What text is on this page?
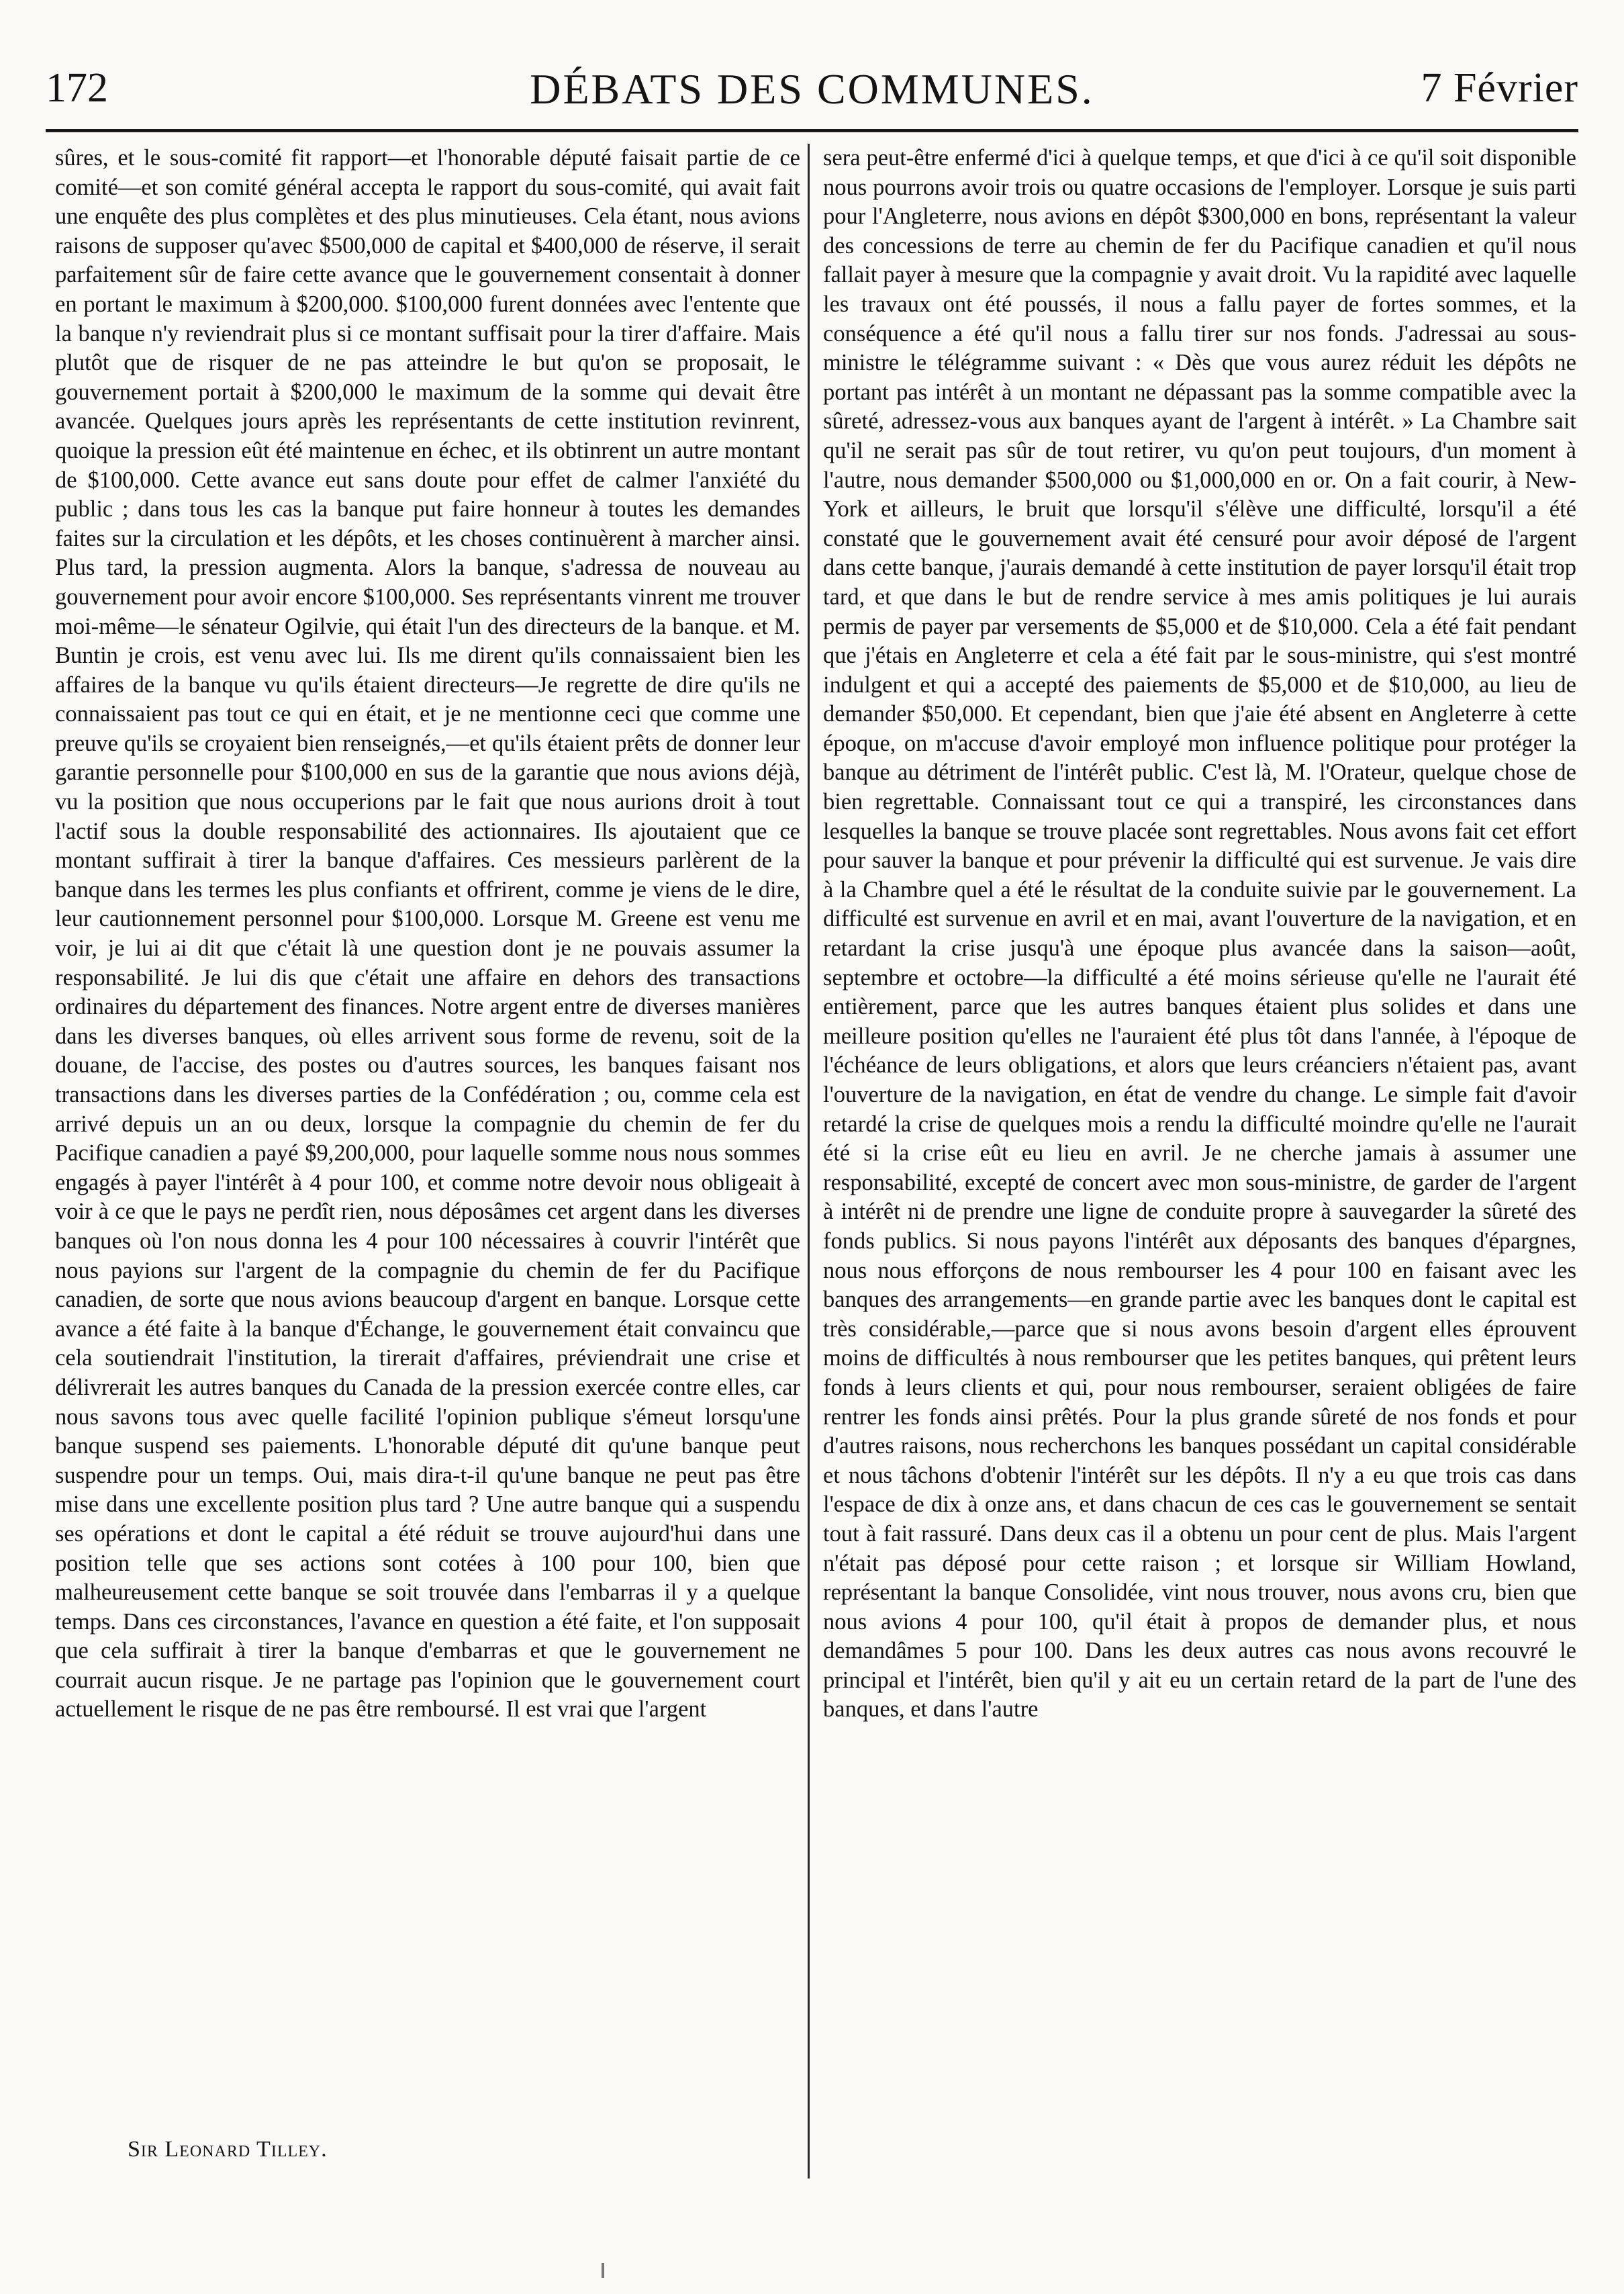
172	DÉBATS DES COMMUNES.	7 Février

sûres, et le sous-comité fit rapport—et l'honorable député faisait partie de ce comité—et son comité général accepta le rapport du sous-comité, qui avait fait une enquête des plus complètes et des plus minutieuses. Cela étant, nous avions raisons de supposer qu'avec $500,000 de capital et $400,000 de réserve, il serait parfaitement sûr de faire cette avance que le gouvernement consentait à donner en portant le maximum à $200,000. $100,000 furent données avec l'entente que la banque n'y reviendrait plus si ce montant suffisait pour la tirer d'affaire. Mais plutôt que de risquer de ne pas atteindre le but qu'on se proposait, le gouvernement portait à $200,000 le maximum de la somme qui devait être avancée. Quelques jours après les représentants de cette institution revinrent, quoique la pression eût été maintenue en échec, et ils obtinrent un autre montant de $100,000. Cette avance eut sans doute pour effet de calmer l'anxiété du public ; dans tous les cas la banque put faire honneur à toutes les demandes faites sur la circulation et les dépôts, et les choses continuèrent à marcher ainsi. Plus tard, la pression augmenta. Alors la banque, s'adressa de nouveau au gouvernement pour avoir encore $100,000. Ses représentants vinrent me trouver moi-même—le sénateur Ogilvie, qui était l'un des directeurs de la banque. et M. Buntin je crois, est venu avec lui. Ils me dirent qu'ils connaissaient bien les affaires de la banque vu qu'ils étaient directeurs—Je regrette de dire qu'ils ne connaissaient pas tout ce qui en était, et je ne mentionne ceci que comme une preuve qu'ils se croyaient bien renseignés,—et qu'ils étaient prêts de donner leur garantie personnelle pour $100,000 en sus de la garantie que nous avions déjà, vu la position que nous occuperions par le fait que nous aurions droit à tout l'actif sous la double responsabilité des actionnaires. Ils ajoutaient que ce montant suffirait à tirer la banque d'affaires. Ces messieurs parlèrent de la banque dans les termes les plus confiants et offrirent, comme je viens de le dire, leur cautionnement personnel pour $100,000. Lorsque M. Greene est venu me voir, je lui ai dit que c'était là une question dont je ne pouvais assumer la responsabilité. Je lui dis que c'était une affaire en dehors des transactions ordinaires du département des finances. Notre argent entre de diverses manières dans les diverses banques, où elles arrivent sous forme de revenu, soit de la douane, de l'accise, des postes ou d'autres sources, les banques faisant nos transactions dans les diverses parties de la Confédération ; ou, comme cela est arrivé depuis un an ou deux, lorsque la compagnie du chemin de fer du Pacifique canadien a payé $9,200,000, pour laquelle somme nous nous sommes engagés à payer l'intérêt à 4 pour 100, et comme notre devoir nous obligeait à voir à ce que le pays ne perdît rien, nous déposâmes cet argent dans les diverses banques où l'on nous donna les 4 pour 100 nécessaires à couvrir l'intérêt que nous payions sur l'argent de la compagnie du chemin de fer du Pacifique canadien, de sorte que nous avions beaucoup d'argent en banque. Lorsque cette avance a été faite à la banque d'Échange, le gouvernement était convaincu que cela soutiendrait l'institution, la tirerait d'affaires, préviendrait une crise et délivrerait les autres banques du Canada de la pression exercée contre elles, car nous savons tous avec quelle facilité l'opinion publique s'émeut lorsqu'une banque suspend ses paiements. L'honorable député dit qu'une banque peut suspendre pour un temps. Oui, mais dira-t-il qu'une banque ne peut pas être mise dans une excellente position plus tard ? Une autre banque qui a suspendu ses opérations et dont le capital a été réduit se trouve aujourd'hui dans une position telle que ses actions sont cotées à 100 pour 100, bien que malheureusement cette banque se soit trouvée dans l'embarras il y a quelque temps. Dans ces circonstances, l'avance en question a été faite, et l'on supposait que cela suffirait à tirer la banque d'embarras et que le gouvernement ne courrait aucun risque. Je ne partage pas l'opinion que le gouvernement court actuellement le risque de ne pas être remboursé. Il est vrai que l'argent

sera peut-être enfermé d'ici à quelque temps, et que d'ici à ce qu'il soit disponible nous pourrons avoir trois ou quatre occasions de l'employer. Lorsque je suis parti pour l'Angleterre, nous avions en dépôt $300,000 en bons, représentant la valeur des concessions de terre au chemin de fer du Pacifique canadien et qu'il nous fallait payer à mesure que la compagnie y avait droit. Vu la rapidité avec laquelle les travaux ont été poussés, il nous a fallu payer de fortes sommes, et la conséquence a été qu'il nous a fallu tirer sur nos fonds. J'adressai au sous-ministre le télégramme suivant : « Dès que vous aurez réduit les dépôts ne portant pas intérêt à un montant ne dépassant pas la somme compatible avec la sûreté, adressez-vous aux banques ayant de l'argent à intérêt. » La Chambre sait qu'il ne serait pas sûr de tout retirer, vu qu'on peut toujours, d'un moment à l'autre, nous demander $500,000 ou $1,000,000 en or. On a fait courir, à New-York et ailleurs, le bruit que lorsqu'il s'élève une difficulté, lorsqu'il a été constaté que le gouvernement avait été censuré pour avoir déposé de l'argent dans cette banque, j'aurais demandé à cette institution de payer lorsqu'il était trop tard, et que dans le but de rendre service à mes amis politiques je lui aurais permis de payer par versements de $5,000 et de $10,000. Cela a été fait pendant que j'étais en Angleterre et cela a été fait par le sous-ministre, qui s'est montré indulgent et qui a accepté des paiements de $5,000 et de $10,000, au lieu de demander $50,000. Et cependant, bien que j'aie été absent en Angleterre à cette époque, on m'accuse d'avoir employé mon influence politique pour protéger la banque au détriment de l'intérêt public. C'est là, M. l'Orateur, quelque chose de bien regrettable. Connaissant tout ce qui a transpiré, les circonstances dans lesquelles la banque se trouve placée sont regrettables. Nous avons fait cet effort pour sauver la banque et pour prévenir la difficulté qui est survenue. Je vais dire à la Chambre quel a été le résultat de la conduite suivie par le gouvernement. La difficulté est survenue en avril et en mai, avant l'ouverture de la navigation, et en retardant la crise jusqu'à une époque plus avancée dans la saison—août, septembre et octobre—la difficulté a été moins sérieuse qu'elle ne l'aurait été entièrement, parce que les autres banques étaient plus solides et dans une meilleure position qu'elles ne l'auraient été plus tôt dans l'année, à l'époque de l'échéance de leurs obligations, et alors que leurs créanciers n'étaient pas, avant l'ouverture de la navigation, en état de vendre du change. Le simple fait d'avoir retardé la crise de quelques mois a rendu la difficulté moindre qu'elle ne l'aurait été si la crise eût eu lieu en avril. Je ne cherche jamais à assumer une responsabilité, excepté de concert avec mon sous-ministre, de garder de l'argent à intérêt ni de prendre une ligne de conduite propre à sauvegarder la sûreté des fonds publics. Si nous payons l'intérêt aux déposants des banques d'épargnes, nous nous efforçons de nous rembourser les 4 pour 100 en faisant avec les banques des arrangements—en grande partie avec les banques dont le capital est très considérable,—parce que si nous avons besoin d'argent elles éprouvent moins de difficultés à nous rembourser que les petites banques, qui prêtent leurs fonds à leurs clients et qui, pour nous rembourser, seraient obligées de faire rentrer les fonds ainsi prêtés. Pour la plus grande sûreté de nos fonds et pour d'autres raisons, nous recherchons les banques possédant un capital considérable et nous tâchons d'obtenir l'intérêt sur les dépôts. Il n'y a eu que trois cas dans l'espace de dix à onze ans, et dans chacun de ces cas le gouvernement se sentait tout à fait rassuré. Dans deux cas il a obtenu un pour cent de plus. Mais l'argent n'était pas déposé pour cette raison ; et lorsque sir William Howland, représentant la banque Consolidée, vint nous trouver, nous avons cru, bien que nous avions 4 pour 100, qu'il était à propos de demander plus, et nous demandâmes 5 pour 100. Dans les deux autres cas nous avons recouvré le principal et l'intérêt, bien qu'il y ait eu un certain retard de la part de l'une des banques, et dans l'autre

Sir Leonard Tilley.
